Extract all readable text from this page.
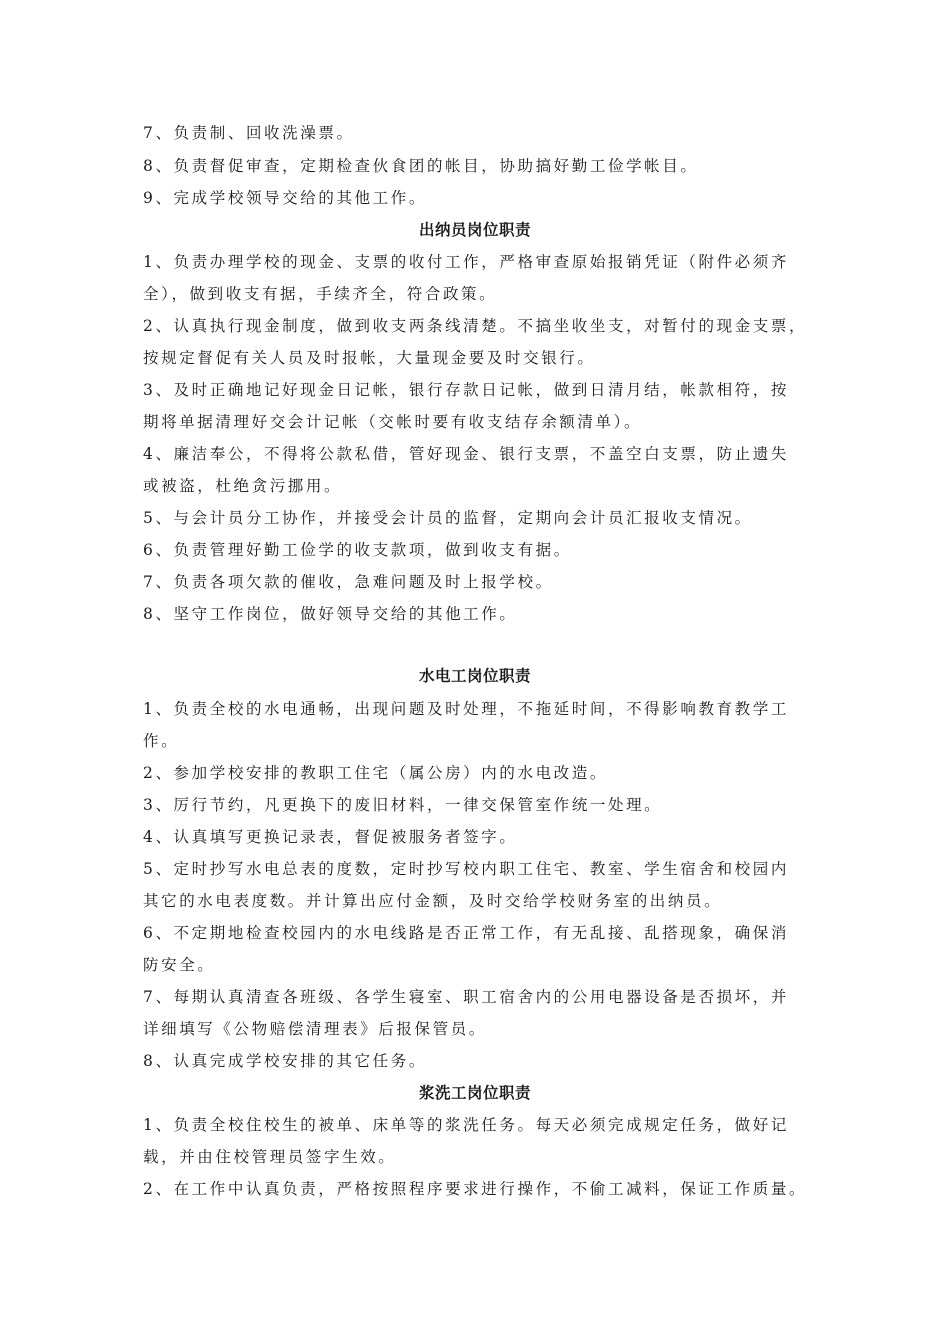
7、负责制、回收洗澡票。
8、负责督促审查，定期检查伙食团的帐目，协助搞好勤工俭学帐目。
9、完成学校领导交给的其他工作。
出纳员岗位职责
1、负责办理学校的现金、支票的收付工作，严格审查原始报销凭证（附件必须齐
全），做到收支有据，手续齐全，符合政策。
2、认真执行现金制度，做到收支两条线清楚。不搞坐收坐支，对暂付的现金支票，
按规定督促有关人员及时报帐，大量现金要及时交银行。
3、及时正确地记好现金日记帐，银行存款日记帐，做到日清月结，帐款相符，按
期将单据清理好交会计记帐（交帐时要有收支结存余额清单）。
4、廉洁奉公，不得将公款私借，管好现金、银行支票，不盖空白支票，防止遗失
或被盗，杜绝贪污挪用。
5、与会计员分工协作，并接受会计员的监督，定期向会计员汇报收支情况。
6、负责管理好勤工俭学的收支款项，做到收支有据。
7、负责各项欠款的催收，急难问题及时上报学校。
8、坚守工作岗位，做好领导交给的其他工作。
水电工岗位职责
1、负责全校的水电通畅，出现问题及时处理，不拖延时间，不得影响教育教学工
作。
2、参加学校安排的教职工住宅（属公房）内的水电改造。
3、厉行节约，凡更换下的废旧材料，一律交保管室作统一处理。
4、认真填写更换记录表，督促被服务者签字。
5、定时抄写水电总表的度数，定时抄写校内职工住宅、教室、学生宿舍和校园内
其它的水电表度数。并计算出应付金额，及时交给学校财务室的出纳员。
6、不定期地检查校园内的水电线路是否正常工作，有无乱接、乱搭现象，确保消
防安全。
7、每期认真清查各班级、各学生寝室、职工宿舍内的公用电器设备是否损坏，并
详细填写《公物赔偿清理表》后报保管员。
8、认真完成学校安排的其它任务。
浆洗工岗位职责
1、负责全校住校生的被单、床单等的浆洗任务。每天必须完成规定任务，做好记
载，并由住校管理员签字生效。
2、在工作中认真负责，严格按照程序要求进行操作，不偷工减料，保证工作质量。
